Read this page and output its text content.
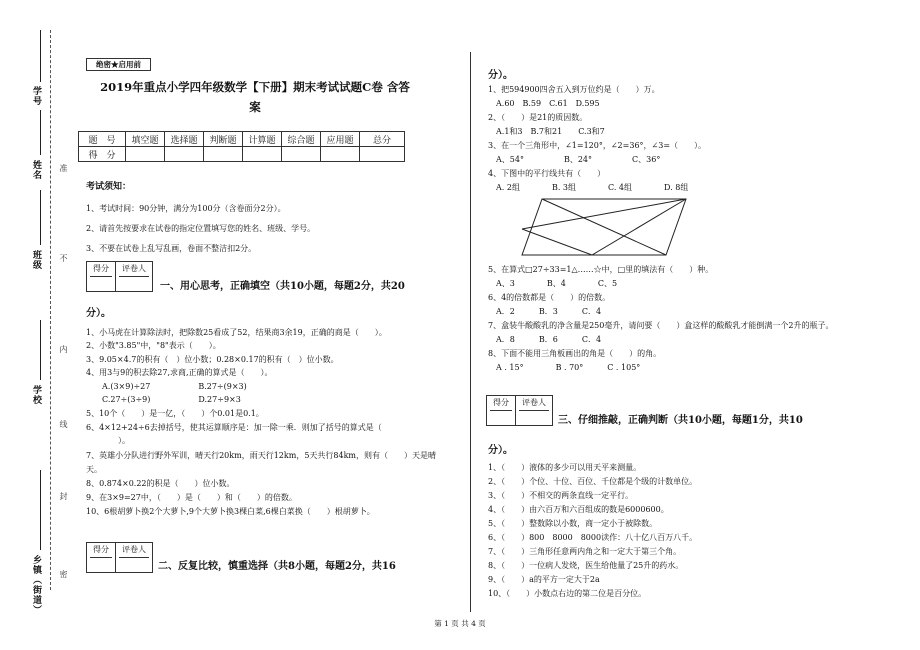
学号
姓名
班级
学校
乡镇（街道）
准
不
内
线
封
密
绝密★启用前
2019年重点小学四年级数学【下册】期末考试试题C卷 含答
案
题　号	填空题	选择题	判断题	计算题	综合题	应用题	总分
得　分							
考试须知：
1、考试时间：90分钟，满分为100分（含卷面分2分）。
2、请首先按要求在试卷的指定位置填写您的姓名、班级、学号。
3、不要在试卷上乱写乱画，卷面不整洁扣2分。
得分	评卷人
一、用心思考，正确填空（共10小题，每题2分，共20
分）。
1、小马虎在计算除法时，把除数25看成了52，结果商3余19，正确的商是（　　）。
2、小数"3.85"中，"8"表示（　　）。
3、9.05×4.7的积有（　）位小数；0.28×0.17的积有（　）位小数。
4、用3与9的积去除27,求商,正确的算式是（　　）。
　　A.(3×9)÷27　　　　　　B.27÷(9×3)
　　C.27÷(3÷9)　　　　　　D.27÷9×3
5、10个（　　）是一亿，（　　）个0.01是0.1。
6、4×12+24÷6去掉括号，使其运算顺序是：加一除一乘．则加了括号的算式是（
　　　　）。
7、英雄小分队进行野外军训，晴天行20km，雨天行12km，5天共行84km，则有（　　）天是晴
天。
8、0.874×0.22的积是（　　）位小数。
9、在3×9=27中，（　　）是（　　）和（　　）的倍数。
10、6根胡萝卜换2个大萝卜,9个大萝卜换3棵白菜,6棵白菜换（　　）根胡萝卜。
得分	评卷人
二、反复比较，慎重选择（共8小题，每题2分，共16
分）。
1、把594900四舍五入到万位约是（　　）万。
　A.60　B.59　C.61　D.595
2、（　　）是21的质因数。
　A.1和3　B.7和21　　C.3和7
3、在一个三角形中，∠1=120°，∠2=36°，∠3=（　　）。
　A、54°　　　　　B、24°　　　　　C、36°
4、下图中的平行线共有（　　）
　A. 2组　　　　B. 3组　　　　C. 4组　　　　D. 8组
5、在算式□27÷33=1△……☆中，□里的填法有（　　）种。
　A、3　　　　B、4　　　　C、5
6、4的倍数都是（　　）的倍数。
　A．2　　　B．3　　　C．4
7、盒装牛酸酸乳的净含量是250毫升，请问要（　　）盒这样的酸酸乳才能倒满一个2升的瓶子。
　A．8　　　B．6　　　C．4
8、下面不能用三角板画出的角是（　　）的角。
　A . 15°　　　　B . 70°　　　C . 105°
得分	评卷人
三、仔细推敲，正确判断（共10小题，每题1分，共10
分）。
1、（　　）液体的多少可以用天平来测量。
2、（　　）个位、十位、百位、千位都是个级的计数单位。
3、（　　）不相交的两条直线一定平行。
4、（　　）由六百万和六百组成的数是6000600。
5、（　　）整数除以小数，商一定小于被除数。
6、（　　）800　8000　8000读作：八十亿八百万八千。
7、（　　）三角形任意两内角之和一定大于第三个角。
8、（　　）一位病人发烧，医生给他量了25升的药水。
9、（　　）a的平方一定大于2a
10、（　　）小数点右边的第二位是百分位。
第 1 页 共 4 页
